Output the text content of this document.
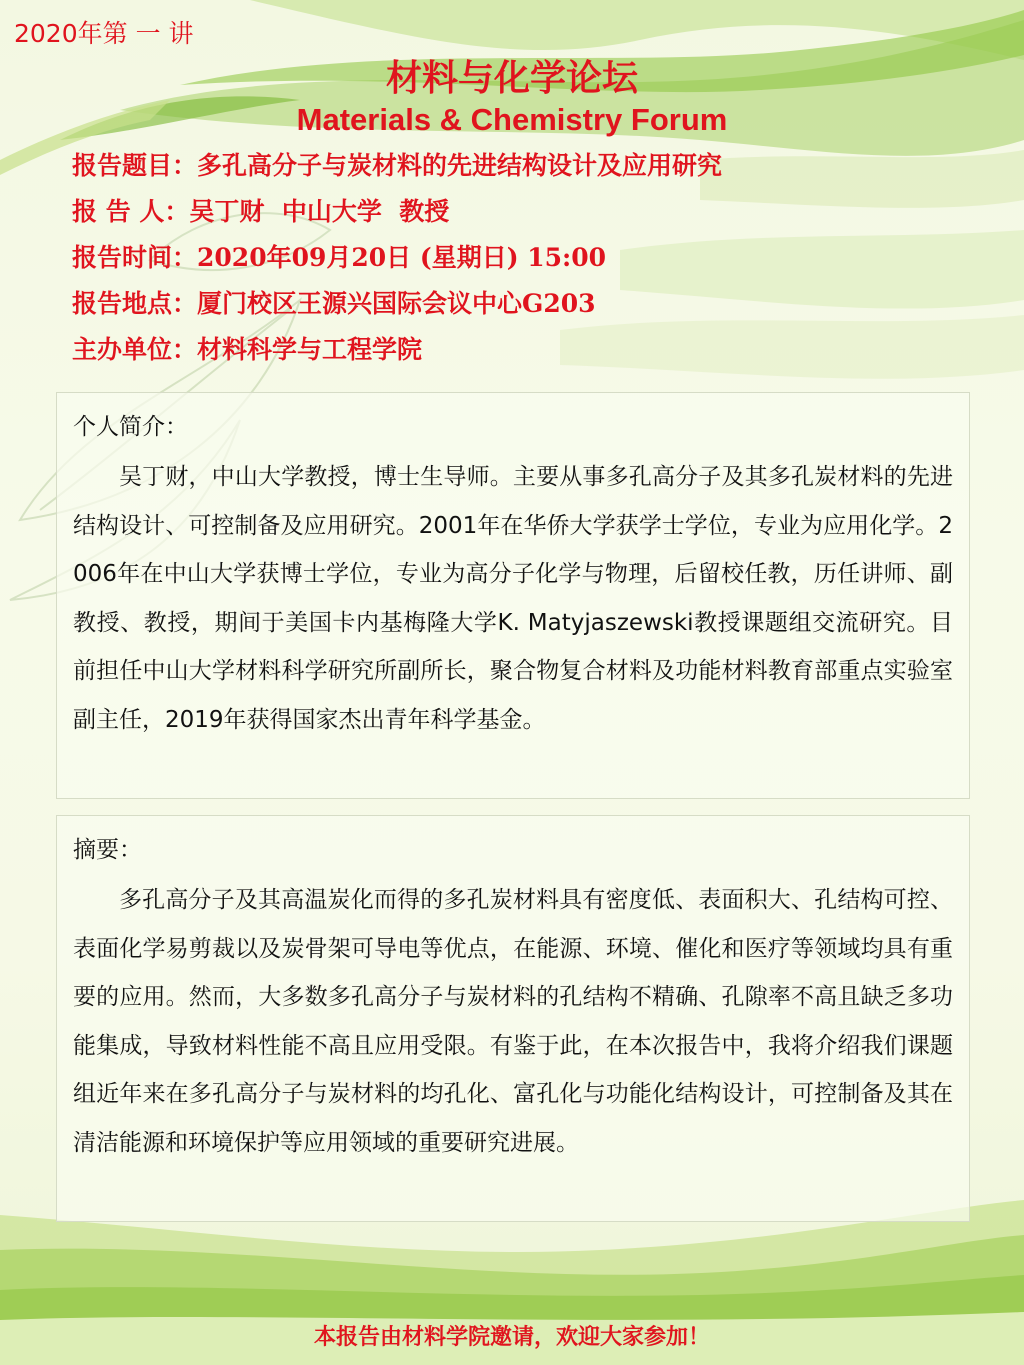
2020年第 一 讲
材料与化学论坛
Materials & Chemistry Forum
报告题目：多孔高分子与炭材料的先进结构设计及应用研究
报 告 人：吴丁财  中山大学  教授
报告时间：2020年09月20日 (星期日) 15:00
报告地点：厦门校区王源兴国际会议中心G203
主办单位：材料科学与工程学院
个人简介：
吴丁财，中山大学教授，博士生导师。主要从事多孔高分子及其多孔炭材料的先进结构设计、可控制备及应用研究。2001年在华侨大学获学士学位，专业为应用化学。2006年在中山大学获博士学位，专业为高分子化学与物理，后留校任教，历任讲师、副教授、教授，期间于美国卡内基梅隆大学K. Matyjaszewski教授课题组交流研究。目前担任中山大学材料科学研究所副所长，聚合物复合材料及功能材料教育部重点实验室副主任，2019年获得国家杰出青年科学基金。
摘要：
多孔高分子及其高温炭化而得的多孔炭材料具有密度低、表面积大、孔结构可控、表面化学易剪裁以及炭骨架可导电等优点，在能源、环境、催化和医疗等领域均具有重要的应用。然而，大多数多孔高分子与炭材料的孔结构不精确、孔隙率不高且缺乏多功能集成，导致材料性能不高且应用受限。有鉴于此，在本次报告中，我将介绍我们课题组近年来在多孔高分子与炭材料的均孔化、富孔化与功能化结构设计，可控制备及其在清洁能源和环境保护等应用领域的重要研究进展。
本报告由材料学院邀请，欢迎大家参加！
